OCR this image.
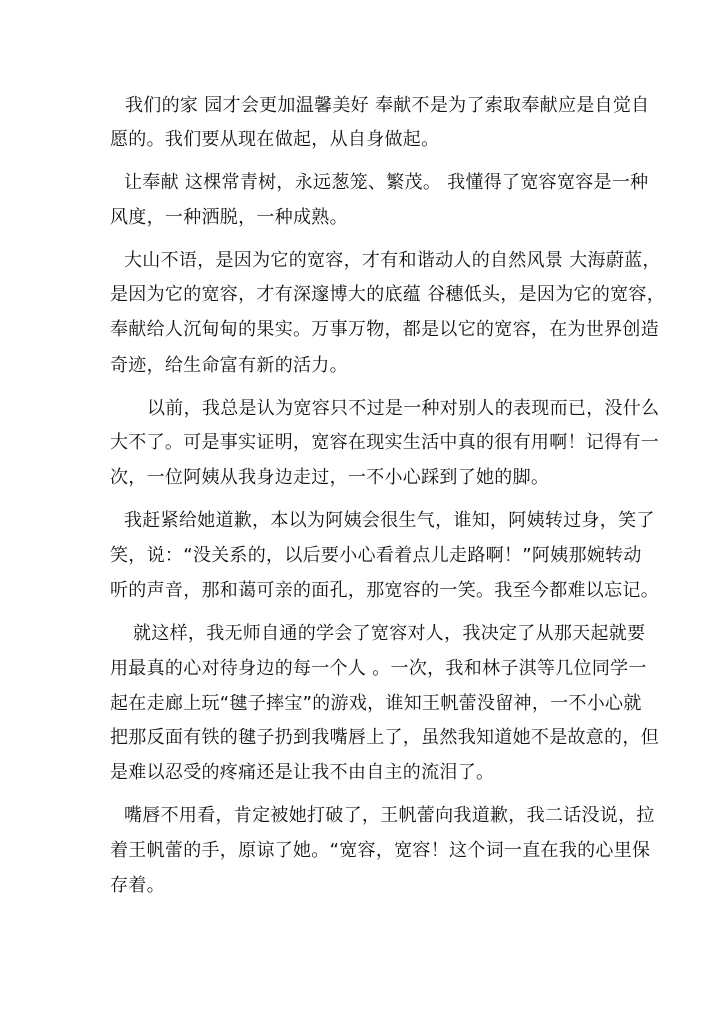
我们的家 园才会更加温馨美好 奉献不是为了索取奉献应是自觉自
愿的。我们要从现在做起，从自身做起。
让奉献 这棵常青树，永远葱笼、繁茂。 我懂得了宽容宽容是一种
风度，一种洒脱，一种成熟。
大山不语，是因为它的宽容，才有和谐动人的自然风景 大海蔚蓝，
是因为它的宽容，才有深邃博大的底蕴 谷穗低头，是因为它的宽容，
奉献给人沉甸甸的果实。万事万物，都是以它的宽容，在为世界创造
奇迹，给生命富有新的活力。
以前，我总是认为宽容只不过是一种对别人的表现而已，没什么
大不了。可是事实证明，宽容在现实生活中真的很有用啊！记得有一
次，一位阿姨从我身边走过，一不小心踩到了她的脚。
我赶紧给她道歉，本以为阿姨会很生气，谁知，阿姨转过身，笑了
笑，说：“没关系的，以后要小心看着点儿走路啊！”阿姨那婉转动
听的声音，那和蔼可亲的面孔，那宽容的一笑。我至今都难以忘记。
就这样，我无师自通的学会了宽容对人，我决定了从那天起就要
用最真的心对待身边的每一个人 。一次，我和林子淇等几位同学一
起在走廊上玩“毽子摔宝”的游戏，谁知王帆蕾没留神，一不小心就
把那反面有铁的毽子扔到我嘴唇上了，虽然我知道她不是故意的，但
是难以忍受的疼痛还是让我不由自主的流泪了。
嘴唇不用看，肯定被她打破了，王帆蕾向我道歉，我二话没说，拉
着王帆蕾的手，原谅了她。“宽容，宽容！这个词一直在我的心里保
存着。
